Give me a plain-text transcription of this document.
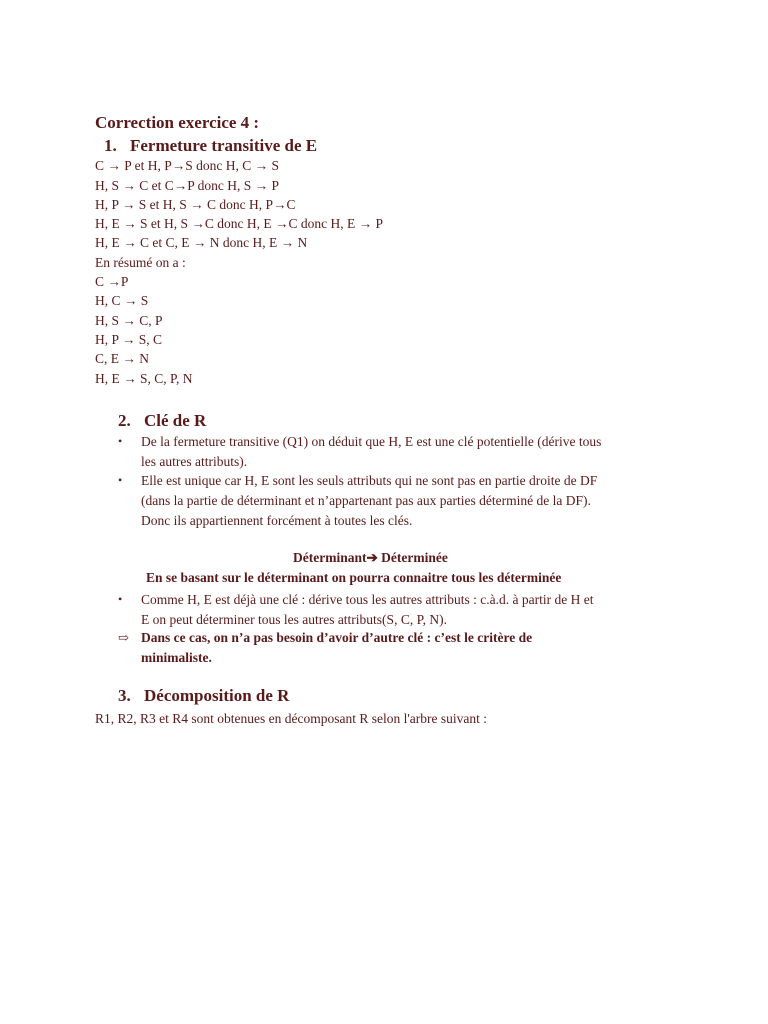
Correction exercice 4 :
1. Fermeture transitive de E
C → P et H, P→S donc H, C → S
H, S → C et C→P donc H, S → P
H, P → S et H, S → C donc H, P→C
H, E → S et H, S →C donc H, E →C donc H, E → P
H, E → C et C, E → N donc H, E → N
En résumé on a :
C →P
H, C → S
H, S → C, P
H, P → S, C
C, E → N
H, E → S, C, P, N
2. Clé de R
• De la fermeture transitive (Q1) on déduit que H, E est une clé potentielle (dérive tous
les autres attributs).
• Elle est unique car H, E sont les seuls attributs qui ne sont pas en partie droite de DF
(dans la partie de déterminant et n’appartenant pas aux parties déterminé de la DF).
Donc ils appartiennent forcément à toutes les clés.
Déterminant➔ Déterminée
En se basant sur le déterminant on pourra connaitre tous les déterminée
• Comme H, E est déjà une clé : dérive tous les autres attributs : c.à.d. à partir de H et
E on peut déterminer tous les autres attributs(S, C, P, N).
⇨ Dans ce cas, on n’a pas besoin d’avoir d’autre clé : c’est le critère de
minimaliste.
3. Décomposition de R
R1, R2, R3 et R4 sont obtenues en décomposant R selon l'arbre suivant :
